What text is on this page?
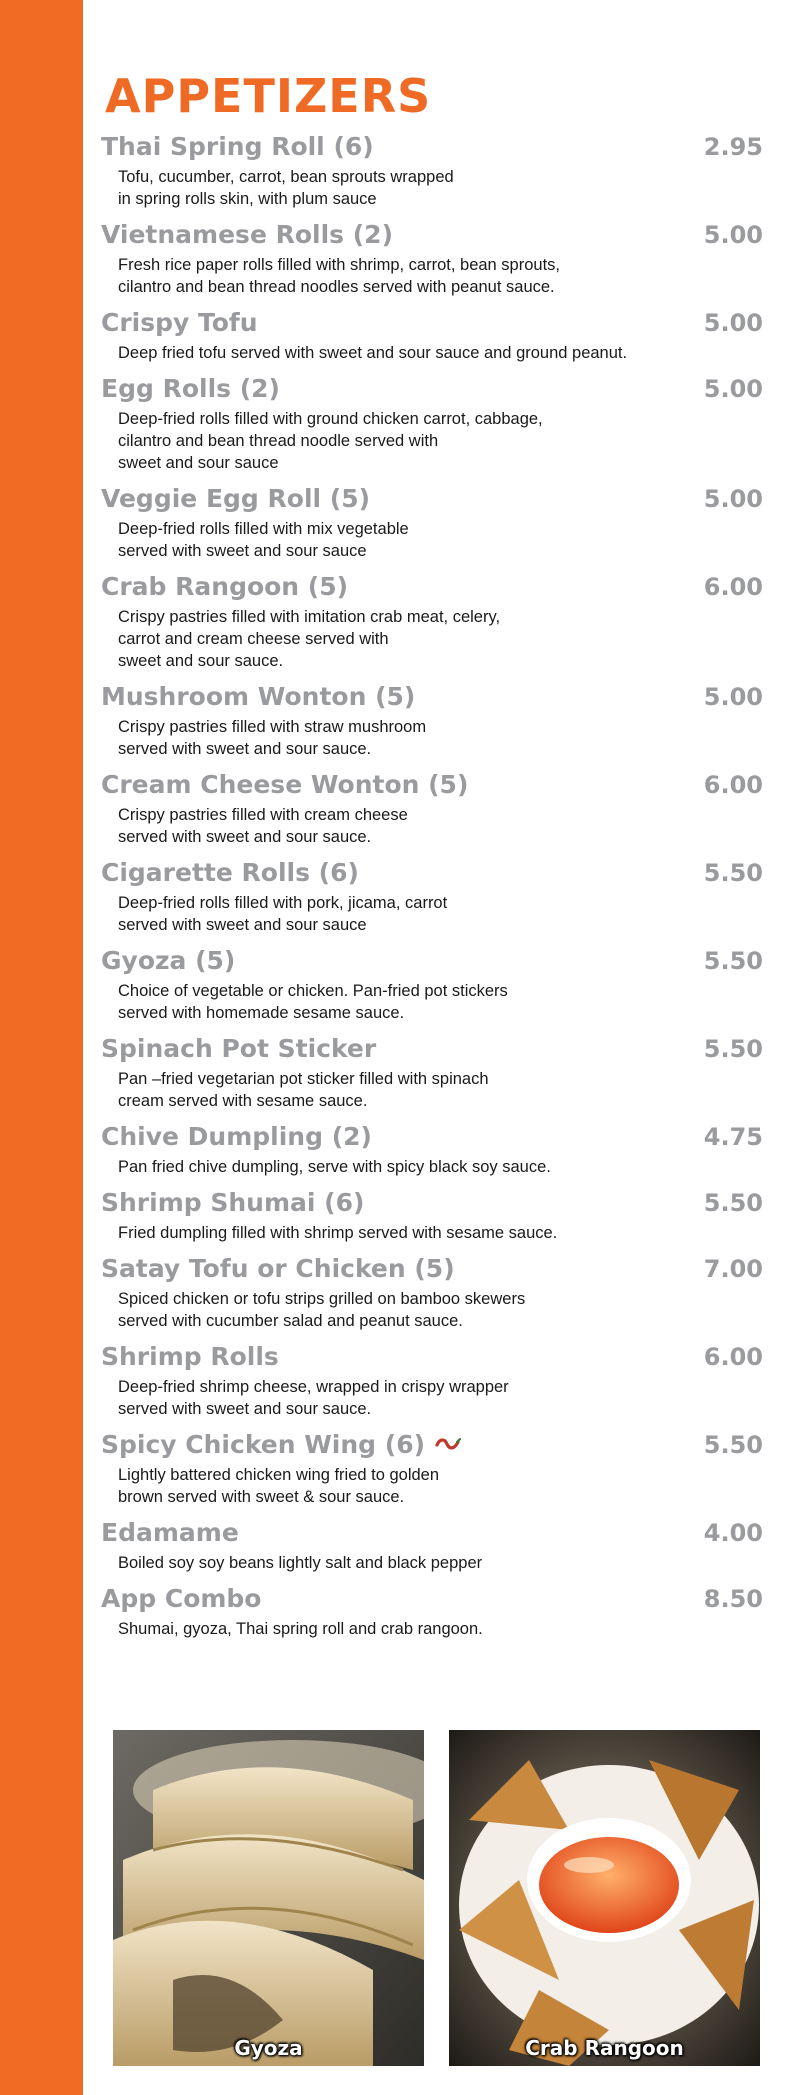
APPETIZERS
Thai Spring Roll (6)	2.95
Tofu, cucumber, carrot, bean sprouts wrapped
in spring rolls skin, with plum sauce
Vietnamese Rolls (2)	5.00
Fresh rice paper rolls filled with shrimp, carrot, bean sprouts,
cilantro and bean thread noodles served with peanut sauce.
Crispy Tofu	5.00
Deep fried tofu served with sweet and sour sauce and ground peanut.
Egg Rolls (2)	5.00
Deep-fried rolls filled with ground chicken carrot, cabbage,
cilantro and bean thread noodle served with
sweet and sour sauce
Veggie Egg Roll (5)	5.00
Deep-fried rolls filled with mix vegetable
served with sweet and sour sauce
Crab Rangoon (5)	6.00
Crispy pastries filled with imitation crab meat, celery,
carrot and cream cheese served with
sweet and sour sauce.
Mushroom Wonton (5)	5.00
Crispy pastries filled with straw mushroom
served with sweet and sour sauce.
Cream Cheese Wonton (5)	6.00
Crispy pastries filled with cream cheese
served with sweet and sour sauce.
Cigarette Rolls (6)	5.50
Deep-fried rolls filled with pork, jicama, carrot
served with sweet and sour sauce
Gyoza (5)	5.50
Choice of vegetable or chicken. Pan-fried pot stickers
served with homemade sesame sauce.
Spinach Pot Sticker	5.50
Pan –fried vegetarian pot sticker filled with spinach
cream served with sesame sauce.
Chive Dumpling (2)	4.75
Pan fried chive dumpling, serve with spicy black soy sauce.
Shrimp Shumai (6)	5.50
Fried dumpling filled with shrimp served with sesame sauce.
Satay Tofu or Chicken (5)	7.00
Spiced chicken or tofu strips grilled on bamboo skewers
served with cucumber salad and peanut sauce.
Shrimp Rolls	6.00
Deep-fried shrimp cheese, wrapped in crispy wrapper
served with sweet and sour sauce.
Spicy Chicken Wing (6)	5.50
Lightly battered chicken wing fried to golden
brown served with sweet & sour sauce.
Edamame	4.00
Boiled soy soy beans lightly salt and black pepper
App Combo	8.50
Shumai, gyoza, Thai spring roll and crab rangoon.
Gyoza	Crab Rangoon
